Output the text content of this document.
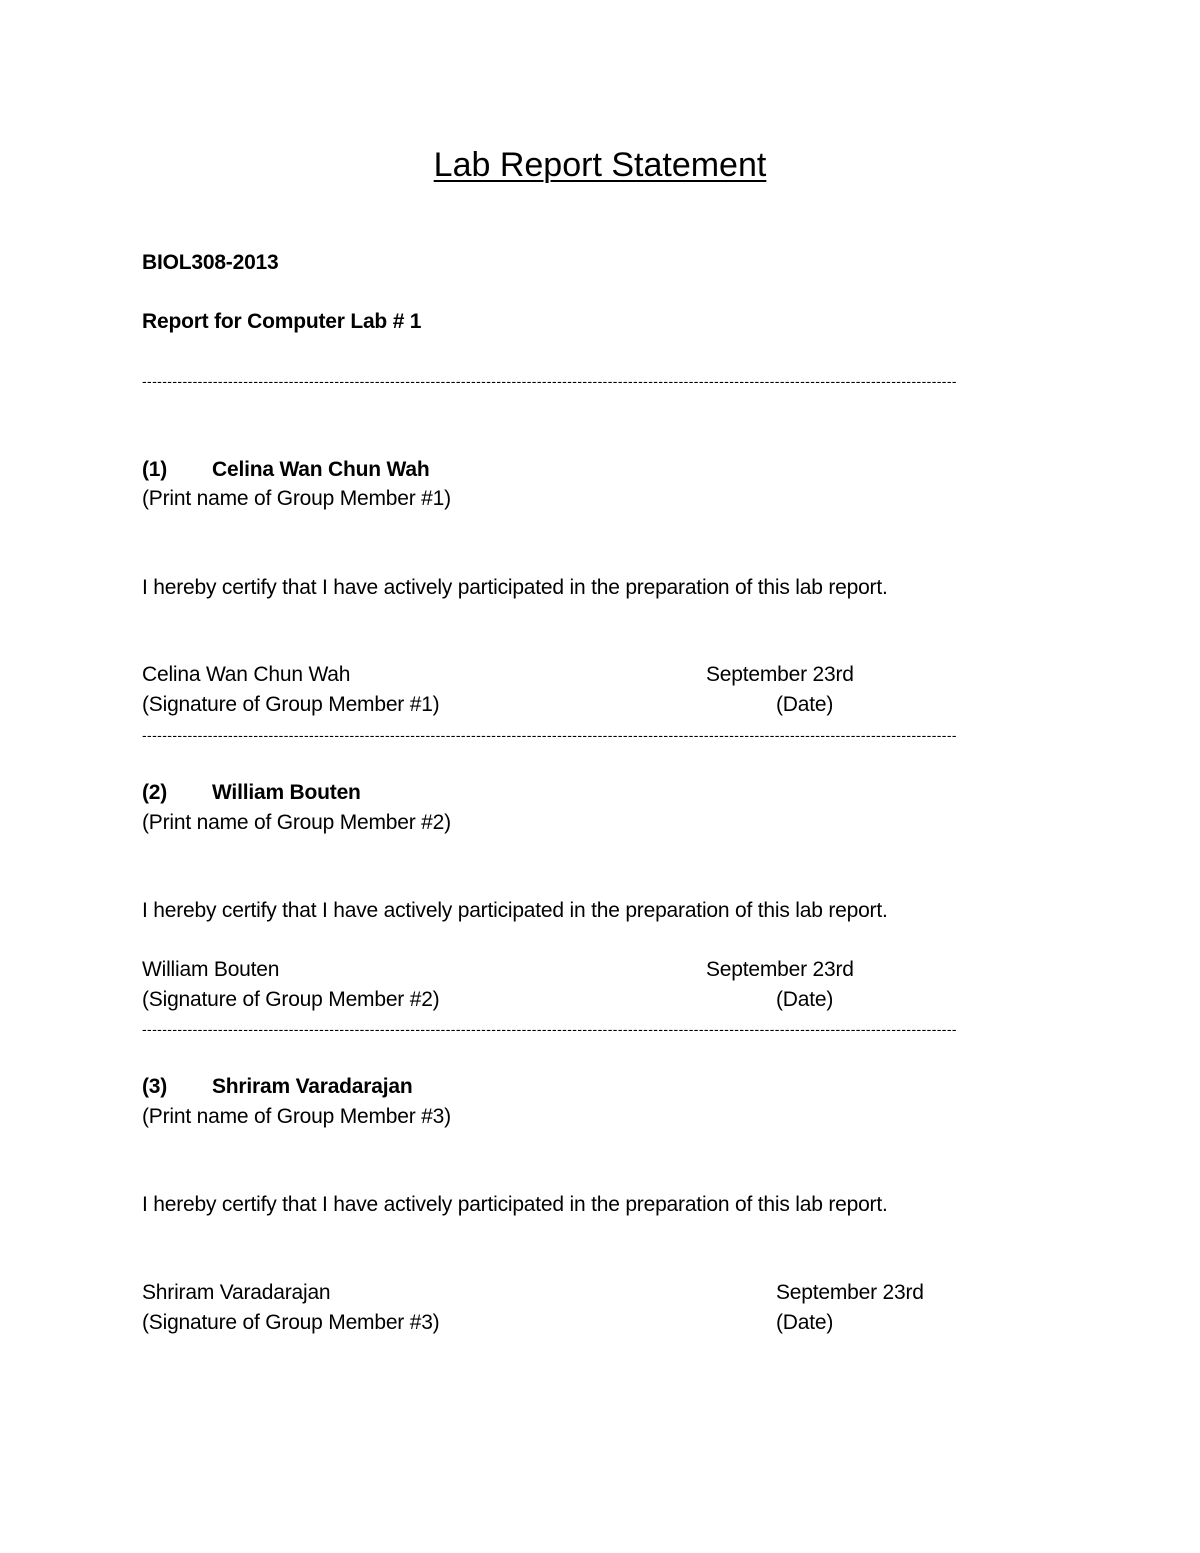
Lab Report Statement
BIOL308-2013
Report for Computer Lab # 1
-----------------------------------------------------------------------------------------------------------------------------------------------------------------
(1) Celina Wan Chun Wah
(Print name of Group Member #1)
I hereby certify that I have actively participated in the preparation of this lab report.
Celina Wan Chun Wah	September 23rd
(Signature of Group Member #1)	(Date)
-----------------------------------------------------------------------------------------------------------------------------------------------------------------
(2) William Bouten
(Print name of Group Member #2)
I hereby certify that I have actively participated in the preparation of this lab report.
William Bouten	September 23rd
(Signature of Group Member #2)	(Date)
-----------------------------------------------------------------------------------------------------------------------------------------------------------------
(3) Shriram Varadarajan
(Print name of Group Member #3)
I hereby certify that I have actively participated in the preparation of this lab report.
Shriram Varadarajan	September 23rd
(Signature of Group Member #3)	(Date)
